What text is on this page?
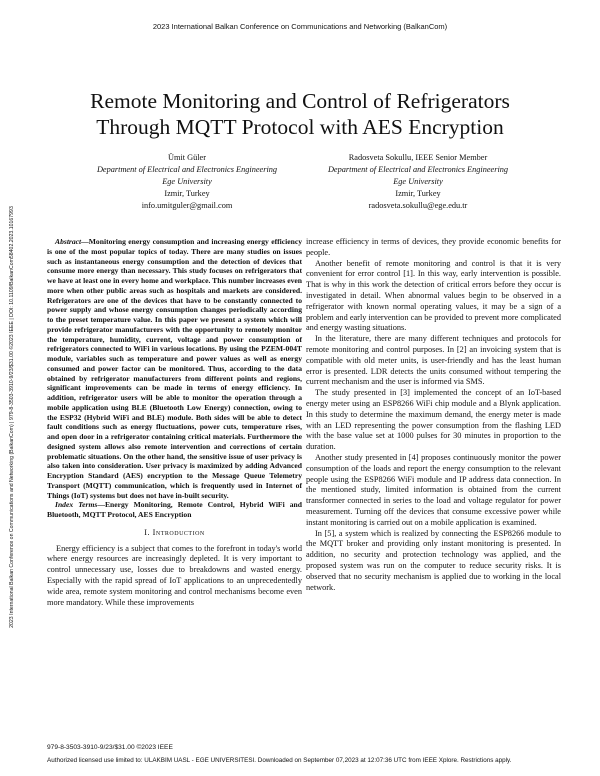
2023 International Balkan Conference on Communications and Networking (BalkanCom)
2023 International Balkan Conference on Communications and Networking (BalkanCom) | 979-8-3503-3910-9/23/$31.00 ©2023 IEEE | DOI: 10.1109/BalkanCom58402.2023.10167993
Remote Monitoring and Control of Refrigerators
Through MQTT Protocol with AES Encryption
Ümit Güler
Department of Electrical and Electronics Engineering
Ege University
Izmir, Turkey
info.umitguler@gmail.com
Radosveta Sokullu, IEEE Senior Member
Department of Electrical and Electronics Engineering
Ege University
Izmir, Turkey
radosveta.sokullu@ege.edu.tr

Abstract—Monitoring energy consumption and increasing energy efficiency is one of the most popular topics of today. There are many studies on issues such as instantaneous energy consumption and the detection of devices that consume more energy than necessary. This study focuses on refrigerators that we have at least one in every home and workplace. This number increases even more when other public areas such as hospitals and markets are considered. Refrigerators are one of the devices that have to be constantly connected to power supply and whose energy consumption changes periodically according to the preset temperature value. In this paper we present a system which will provide refrigerator manufacturers with the opportunity to remotely monitor the temperature, humidity, current, voltage and power consumption of refrigerators connected to WiFi in various locations. By using the PZEM-004T module, variables such as temperature and power values as well as energy consumed and power factor can be monitored. Thus, according to the data obtained by refrigerator manufacturers from different points and regions, significant improvements can be made in terms of energy efficiency. In addition, refrigerator users will be able to monitor the operation through a mobile application using BLE (Bluetooth Low Energy) connection, owing to the ESP32 (Hybrid WiFi and BLE) module. Both sides will be able to detect fault conditions such as energy fluctuations, power cuts, temperature rises, and open door in a refrigerator containing critical materials. Furthermore the designed system allows also remote intervention and corrections of certain problematic situations. On the other hand, the sensitive issue of user privacy is also taken into consideration. User privacy is maximized by adding Advanced Encryption Standard (AES) encryption to the Message Queue Telemetry Transport (MQTT) communication, which is frequently used in Internet of Things (IoT) systems but does not have in-built security.

Index Terms—Energy Monitoring, Remote Control, Hybrid WiFi and Bluetooth, MQTT Protocol, AES Encryption

I. Introduction

Energy efficiency is a subject that comes to the forefront in today's world where energy resources are increasingly depleted. It is very important to control unnecessary use, losses due to breakdowns and wasted energy. Especially with the rapid spread of IoT applications to an unprecedentedly wide area, remote system monitoring and control mechanisms become even more mandatory. While these improvements

increase efficiency in terms of devices, they provide economic benefits for people.

Another benefit of remote monitoring and control is that it is very convenient for error control [1]. In this way, early intervention is possible. That is why in this work the detection of critical errors before they occur is investigated in detail. When abnormal values begin to be observed in a refrigerator with known normal operating values, it may be a sign of a problem and early intervention can be provided to prevent more complicated and energy wasting situations.

In the literature, there are many different techniques and protocols for remote monitoring and control purposes. In [2] an invoicing system that is compatible with old meter units, is user-friendly and has the least human error is presented. LDR detects the units consumed without tempering the current mechanism and the user is informed via SMS.

The study presented in [3] implemented the concept of an IoT-based energy meter using an ESP8266 WiFi chip module and a Blynk application. In this study to determine the maximum demand, the energy meter is made with an LED representing the power consumption from the flashing LED with the base value set at 1000 pulses for 30 minutes in proportion to the duration.

Another study presented in [4] proposes continuously monitor the power consumption of the loads and report the energy consumption to the relevant people using the ESP8266 WiFi module and IP address data connection. In the mentioned study, limited information is obtained from the current transformer connected in series to the load and voltage regulator for power measurement. Turning off the devices that consume excessive power while instant monitoring is carried out on a mobile application is examined.

In [5], a system which is realized by connecting the ESP8266 module to the MQTT broker and providing only instant monitoring is presented. In addition, no security and protection technology was applied, and the proposed system was run on the computer to reduce security risks. It is observed that no security mechanism is applied due to working in the local network.

979-8-3503-3910-9/23/$31.00 ©2023 IEEE
Authorized licensed use limited to: ULAKBIM UASL - EGE UNIVERSITESI. Downloaded on September 07,2023 at 12:07:36 UTC from IEEE Xplore. Restrictions apply.
